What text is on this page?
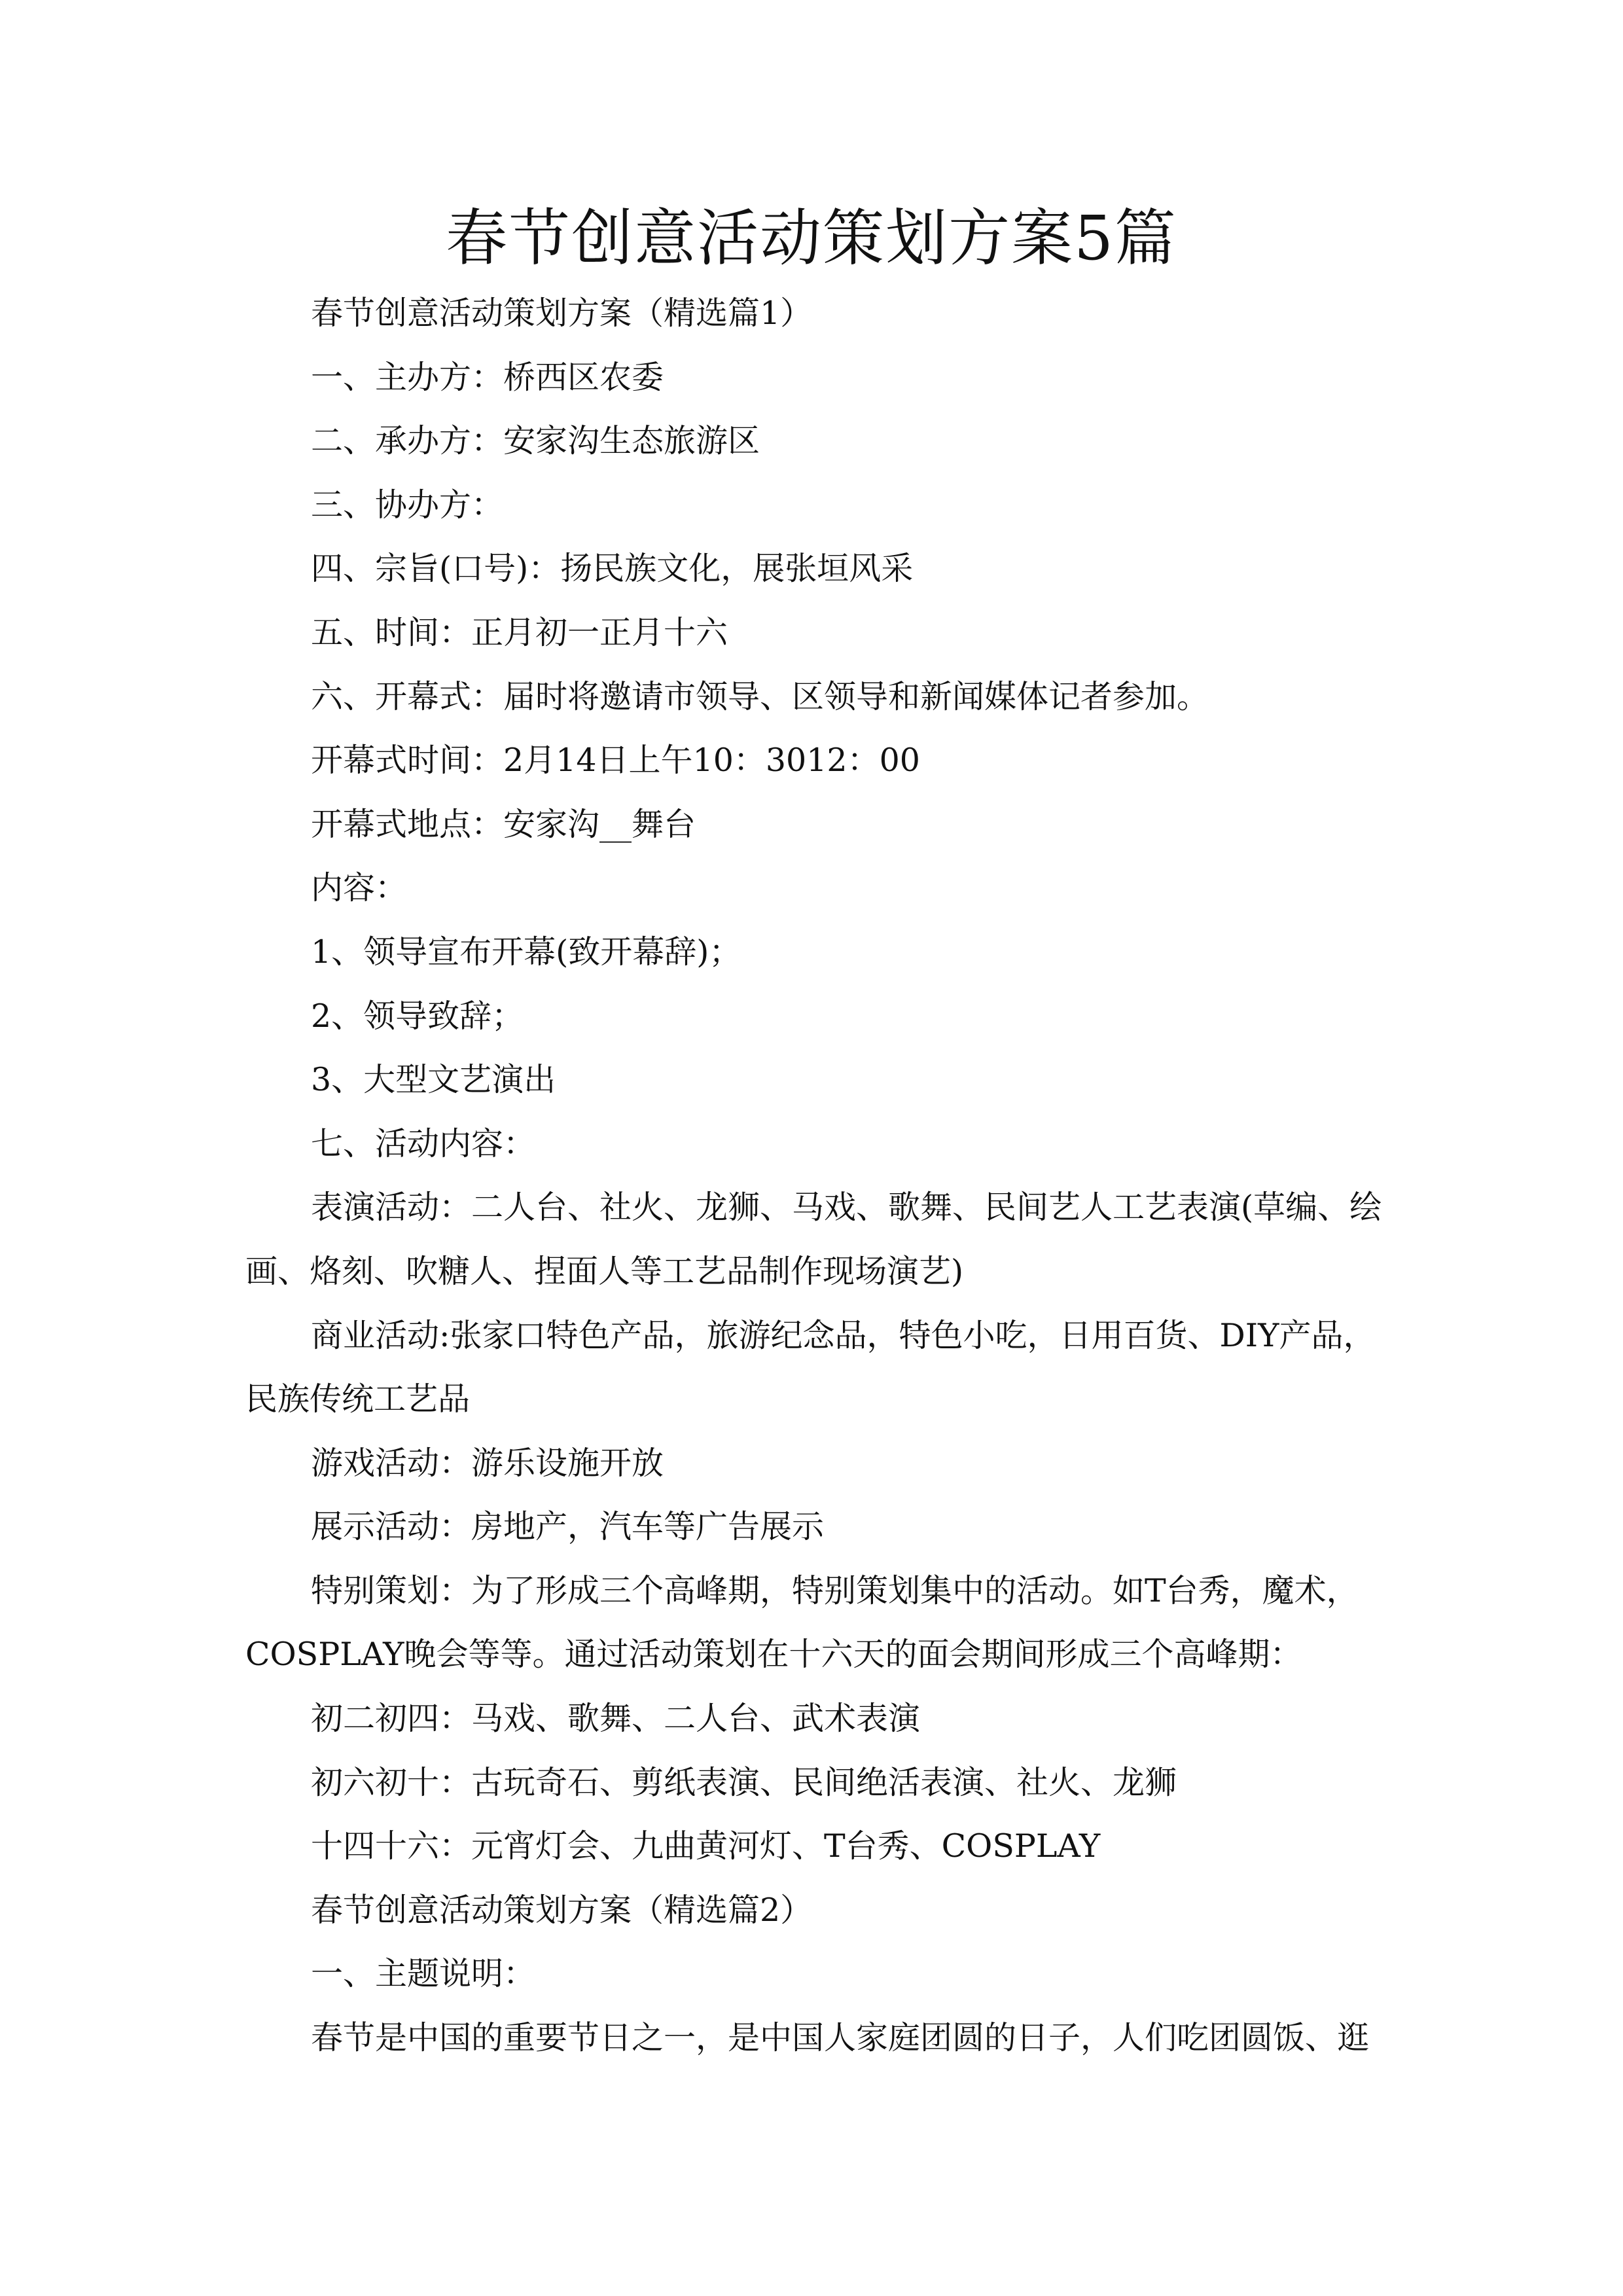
春节创意活动策划方案5篇

春节创意活动策划方案（精选篇1）

一、主办方：桥西区农委

二、承办方：安家沟生态旅游区

三、协办方：

四、宗旨(口号)：扬民族文化，展张垣风采

五、时间：正月初一正月十六

六、开幕式：届时将邀请市领导、区领导和新闻媒体记者参加。

开幕式时间：2月14日上午10：3012：00

开幕式地点：安家沟__舞台

内容：

1、领导宣布开幕(致开幕辞)；

2、领导致辞；

3、大型文艺演出

七、活动内容：

表演活动：二人台、社火、龙狮、马戏、歌舞、民间艺人工艺表演(草编、绘画、烙刻、吹糖人、捏面人等工艺品制作现场演艺)

商业活动:张家口特色产品，旅游纪念品，特色小吃，日用百货、DIY产品，民族传统工艺品

游戏活动：游乐设施开放

展示活动：房地产，汽车等广告展示

特别策划：为了形成三个高峰期，特别策划集中的活动。如T台秀，魔术，COSPLAY晚会等等。通过活动策划在十六天的面会期间形成三个高峰期：

初二初四：马戏、歌舞、二人台、武术表演

初六初十：古玩奇石、剪纸表演、民间绝活表演、社火、龙狮

十四十六：元宵灯会、九曲黄河灯、T台秀、COSPLAY

春节创意活动策划方案（精选篇2）

一、主题说明：

春节是中国的重要节日之一，是中国人家庭团圆的日子，人们吃团圆饭、逛
